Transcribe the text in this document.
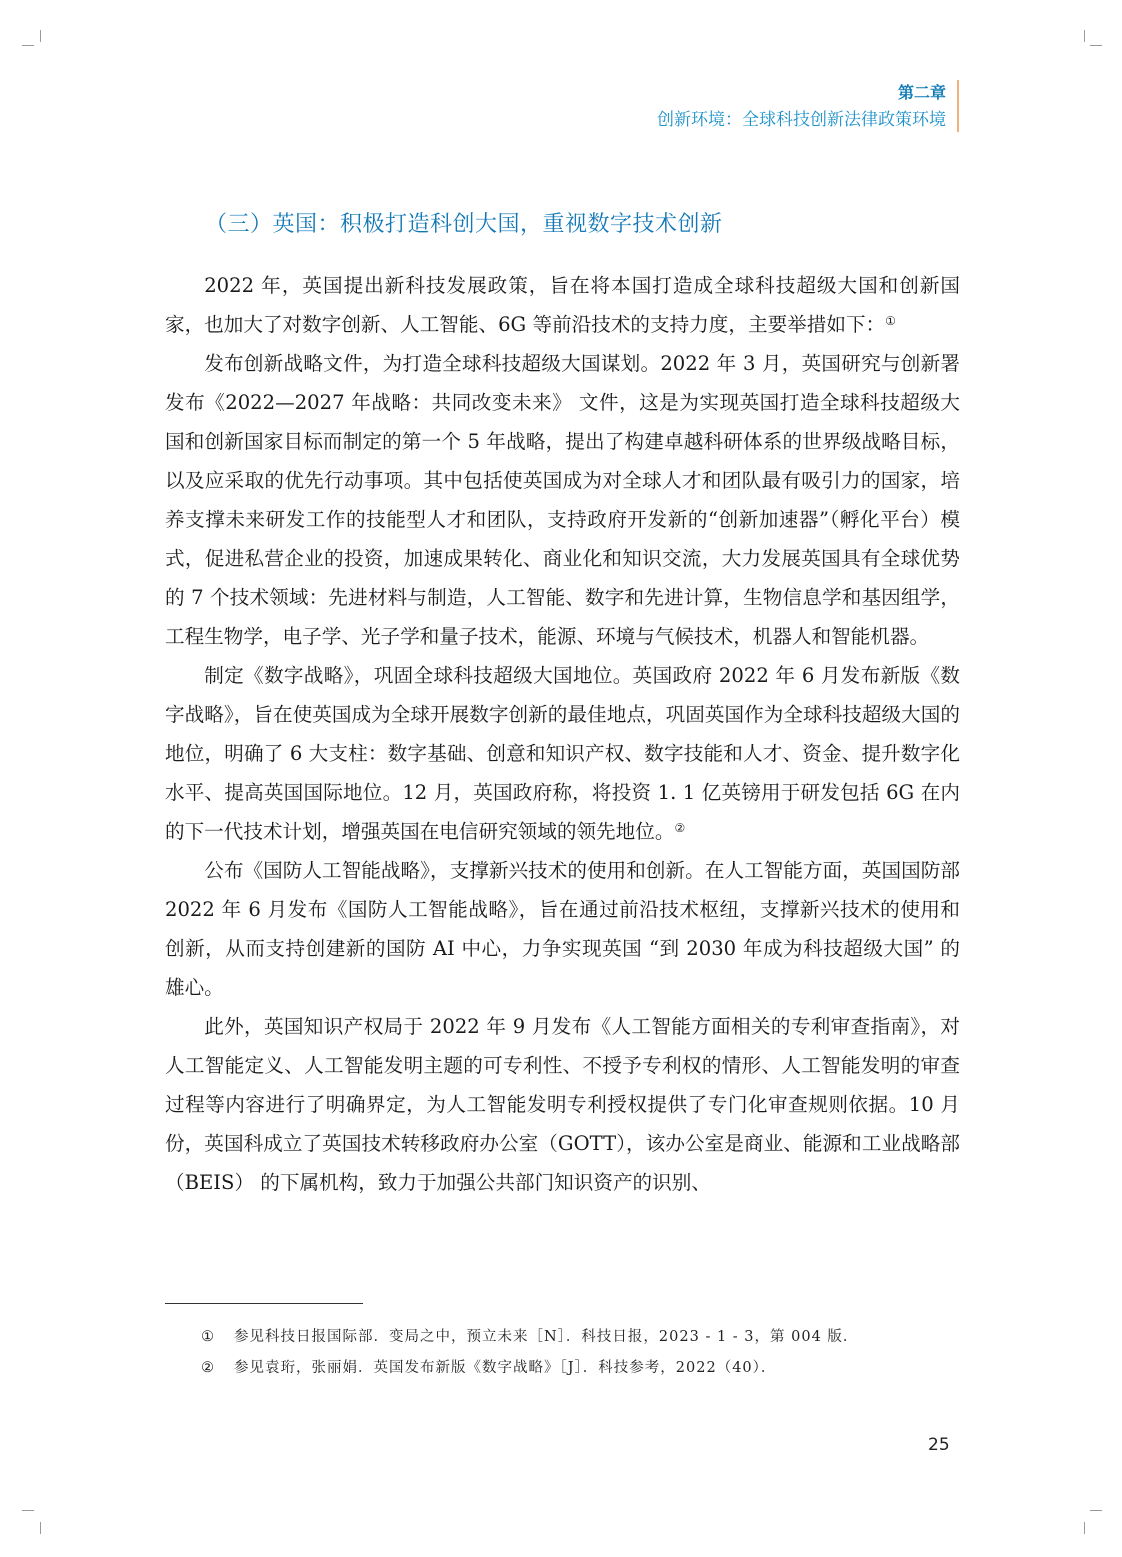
第二章
创新环境：全球科技创新法律政策环境
（三）英国：积极打造科创大国，重视数字技术创新

2022 年，英国提出新科技发展政策，旨在将本国打造成全球科技超级大国和创新国家，也加大了对数字创新、人工智能、6G 等前沿技术的支持力度，主要举措如下：①

发布创新战略文件，为打造全球科技超级大国谋划。2022 年 3 月，英国研究与创新署发布《2022—2027 年战略：共同改变未来》 文件，这是为实现英国打造全球科技超级大国和创新国家目标而制定的第一个 5 年战略，提出了构建卓越科研体系的世界级战略目标，以及应采取的优先行动事项。其中包括使英国成为对全球人才和团队最有吸引力的国家，培养支撑未来研发工作的技能型人才和团队，支持政府开发新的“创新加速器”（孵化平台）模式，促进私营企业的投资，加速成果转化、商业化和知识交流，大力发展英国具有全球优势的 7 个技术领域：先进材料与制造，人工智能、数字和先进计算，生物信息学和基因组学，工程生物学，电子学、光子学和量子技术，能源、环境与气候技术，机器人和智能机器。

制定《数字战略》，巩固全球科技超级大国地位。英国政府 2022 年 6 月发布新版《数字战略》，旨在使英国成为全球开展数字创新的最佳地点，巩固英国作为全球科技超级大国的地位，明确了 6 大支柱：数字基础、创意和知识产权、数字技能和人才、资金、提升数字化水平、提高英国国际地位。12 月，英国政府称，将投资 1. 1 亿英镑用于研发包括 6G 在内的下一代技术计划，增强英国在电信研究领域的领先地位。②

公布《国防人工智能战略》，支撑新兴技术的使用和创新。在人工智能方面，英国国防部 2022 年 6 月发布《国防人工智能战略》，旨在通过前沿技术枢纽，支撑新兴技术的使用和创新，从而支持创建新的国防 AI 中心，力争实现英国 “到 2030 年成为科技超级大国” 的雄心。

此外，英国知识产权局于 2022 年 9 月发布《人工智能方面相关的专利审查指南》，对人工智能定义、人工智能发明主题的可专利性、不授予专利权的情形、人工智能发明的审查过程等内容进行了明确界定，为人工智能发明专利授权提供了专门化审查规则依据。10 月份，英国科成立了英国技术转移政府办公室（GOTT），该办公室是商业、能源和工业战略部（BEIS） 的下属机构，致力于加强公共部门知识资产的识别、

① 参见科技日报国际部．变局之中，预立未来［N］．科技日报，2023 - 1 - 3，第 004 版．
② 参见袁珩，张丽娟．英国发布新版《数字战略》［J］．科技参考，2022（40）．
25
